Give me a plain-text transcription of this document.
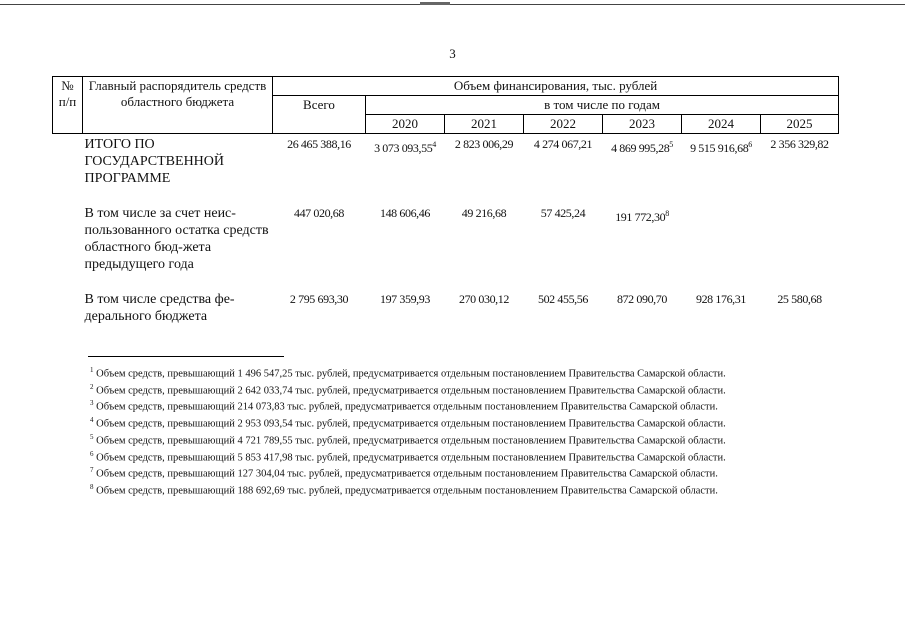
3
№ п/п	Главный распорядитель средств областного бюджета	Объем финансирования, тыс. рублей						
		Всего	в том числе по годам					
			2020	2021	2022	2023	2024	2025
	ИТОГО ПО ГОСУДАРСТВЕННОЙ ПРОГРАММЕ	26 465 388,16	3 073 093,55$^4$	2 823 006,29	4 274 067,21	4 869 995,28$^5$	9 515 916,68$^6$	2 356 329,82
	В том числе за счет неис-пользованного остатка средств областного бюд-жета предыдущего года	447 020,68	148 606,46	49 216,68	57 425,24	191 772,30$^8$		
	В том числе средства фе-дерального бюджета	2 795 693,30	197 359,93	270 030,12	502 455,56	872 090,70	928 176,31	25 580,68
$^1$ Объем средств, превышающий 1 496 547,25 тыс. рублей, предусматривается отдельным постановлением Правительства Самарской области.
$^2$ Объем средств, превышающий 2 642 033,74 тыс. рублей, предусматривается отдельным постановлением Правительства Самарской области.
$^3$ Объем средств, превышающий 214 073,83 тыс. рублей, предусматривается отдельным постановлением Правительства Самарской области.
$^4$ Объем средств, превышающий 2 953 093,54 тыс. рублей, предусматривается отдельным постановлением Правительства Самарской области.
$^5$ Объем средств, превышающий 4 721 789,55 тыс. рублей, предусматривается отдельным постановлением Правительства Самарской области.
$^6$ Объем средств, превышающий 5 853 417,98 тыс. рублей, предусматривается отдельным постановлением Правительства Самарской области.
$^7$ Объем средств, превышающий 127 304,04 тыс. рублей, предусматривается отдельным постановлением Правительства Самарской области.
$^8$ Объем средств, превышающий 188 692,69 тыс. рублей, предусматривается отдельным постановлением Правительства Самарской области.
